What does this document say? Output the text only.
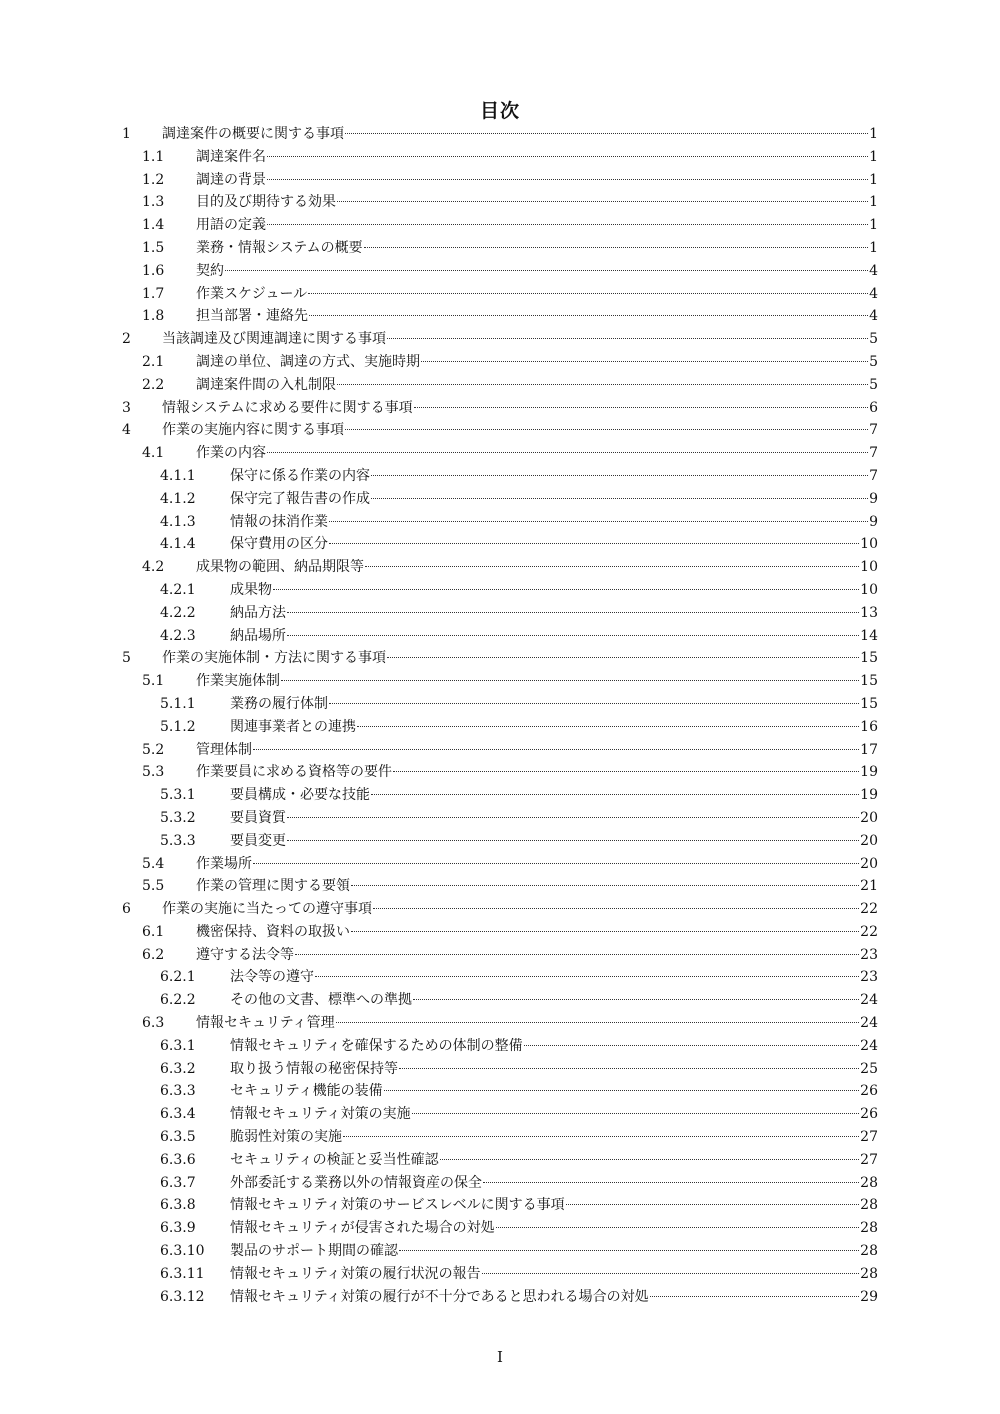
目次
1 調達案件の概要に関する事項	1
1.1 調達案件名	1
1.2 調達の背景	1
1.3 目的及び期待する効果	1
1.4 用語の定義	1
1.5 業務・情報システムの概要	1
1.6 契約	4
1.7 作業スケジュール	4
1.8 担当部署・連絡先	4
2 当該調達及び関連調達に関する事項	5
2.1 調達の単位、調達の方式、実施時期	5
2.2 調達案件間の入札制限	5
3 情報システムに求める要件に関する事項	6
4 作業の実施内容に関する事項	7
4.1 作業の内容	7
4.1.1 保守に係る作業の内容	7
4.1.2 保守完了報告書の作成	9
4.1.3 情報の抹消作業	9
4.1.4 保守費用の区分	10
4.2 成果物の範囲、納品期限等	10
4.2.1 成果物	10
4.2.2 納品方法	13
4.2.3 納品場所	14
5 作業の実施体制・方法に関する事項	15
5.1 作業実施体制	15
5.1.1 業務の履行体制	15
5.1.2 関連事業者との連携	16
5.2 管理体制	17
5.3 作業要員に求める資格等の要件	19
5.3.1 要員構成・必要な技能	19
5.3.2 要員資質	20
5.3.3 要員変更	20
5.4 作業場所	20
5.5 作業の管理に関する要領	21
6 作業の実施に当たっての遵守事項	22
6.1 機密保持、資料の取扱い	22
6.2 遵守する法令等	23
6.2.1 法令等の遵守	23
6.2.2 その他の文書、標準への準拠	24
6.3 情報セキュリティ管理	24
6.3.1 情報セキュリティを確保するための体制の整備	24
6.3.2 取り扱う情報の秘密保持等	25
6.3.3 セキュリティ機能の装備	26
6.3.4 情報セキュリティ対策の実施	26
6.3.5 脆弱性対策の実施	27
6.3.6 セキュリティの検証と妥当性確認	27
6.3.7 外部委託する業務以外の情報資産の保全	28
6.3.8 情報セキュリティ対策のサービスレベルに関する事項	28
6.3.9 情報セキュリティが侵害された場合の対処	28
6.3.10 製品のサポート期間の確認	28
6.3.11 情報セキュリティ対策の履行状況の報告	28
6.3.12 情報セキュリティ対策の履行が不十分であると思われる場合の対処	29
I
